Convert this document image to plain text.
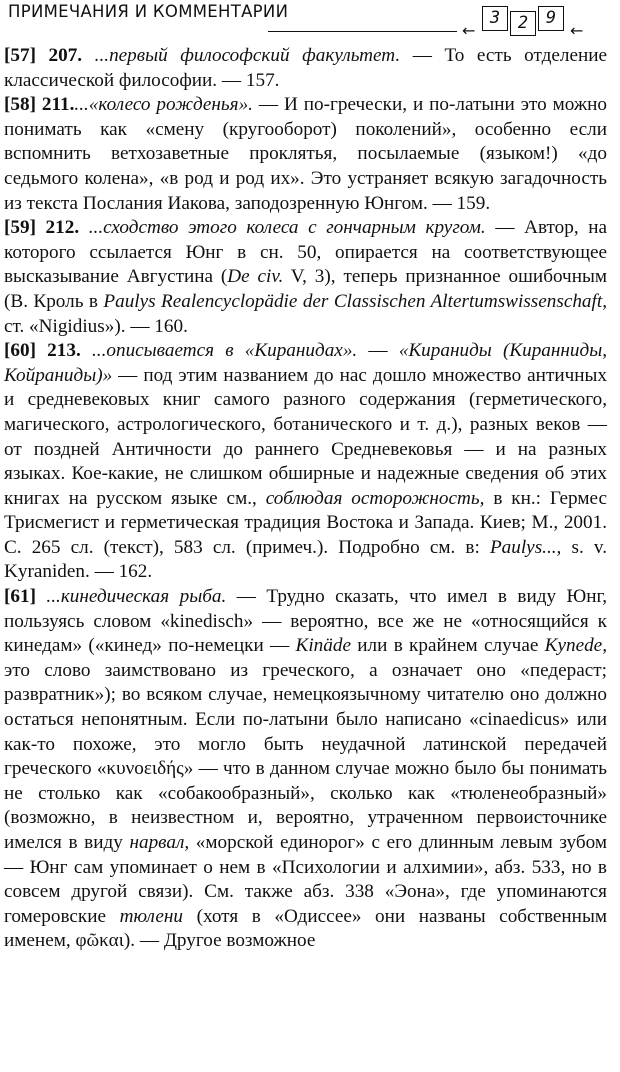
ПРИМЕЧАНИЯ И КОММЕНТАРИИ
←
3	2	9
←

[57] 207. ...первый философский факультет. — То есть отделение классической философии. — 157.

[58] 211....«колесо рожденья». — И по-гречески, и по-латыни это можно понимать как «смену (кругооборот) поколений», особенно если вспомнить ветхозаветные проклятья, посылаемые (языком!) «до седьмого колена», «в род и род их». Это устраняет всякую загадочность из текста Послания Иакова, заподозренную Юнгом. — 159.

[59] 212. ...сходство этого колеса с гончарным кругом. — Автор, на которого ссылается Юнг в сн. 50, опирается на соответствующее высказывание Августина (De civ. V, 3), теперь признанное ошибочным (В. Кроль в Paulys Realencyclopädie der Classischen Altertumswissenschaft, ст. «Nigidius»). — 160.

[60] 213. ...описывается в «Киранидах». — «Кираниды (Киранниды, Койраниды)» — под этим названием до нас дошло множество античных и средневековых книг самого разного содержания (герметического, магического, астрологического, ботанического и т. д.), разных веков — от поздней Античности до раннего Средневековья — и на разных языках. Кое-какие, не слишком обширные и надежные сведения об этих книгах на русском языке см., соблюдая осторожность, в кн.: Гермес Трисмегист и герметическая традиция Востока и Запада. Киев; М., 2001. С. 265 сл. (текст), 583 сл. (примеч.). Подробно см. в: Paulys..., s. v. Kyraniden. — 162.

[61] ...кинедическая рыба. — Трудно сказать, что имел в виду Юнг, пользуясь словом «kinedisch» — вероятно, все же не «относящийся к кинедам» («кинед» по-немецки — Kinäde или в крайнем случае Kynede, это слово заимствовано из греческого, а означает оно «педераст; развратник»); во всяком случае, немецкоязычному читателю оно должно остаться непонятным. Если по-латыни было написано «cinaedicus» или как-то похоже, это могло быть неудачной латинской передачей греческого «κυνοειδής» — что в данном случае можно было бы понимать не столько как «собакообразный», сколько как «тюленеобразный» (возможно, в неизвестном и, вероятно, утраченном первоисточнике имелся в виду нарвал, «морской единорог» с его длинным левым зубом — Юнг сам упоминает о нем в «Психологии и алхимии», абз. 533, но в совсем другой связи). См. также абз. 338 «Эона», где упоминаются гомеровские тюлени (хотя в «Одиссее» они названы собственным именем, φῶκαι). — Другое возможное
